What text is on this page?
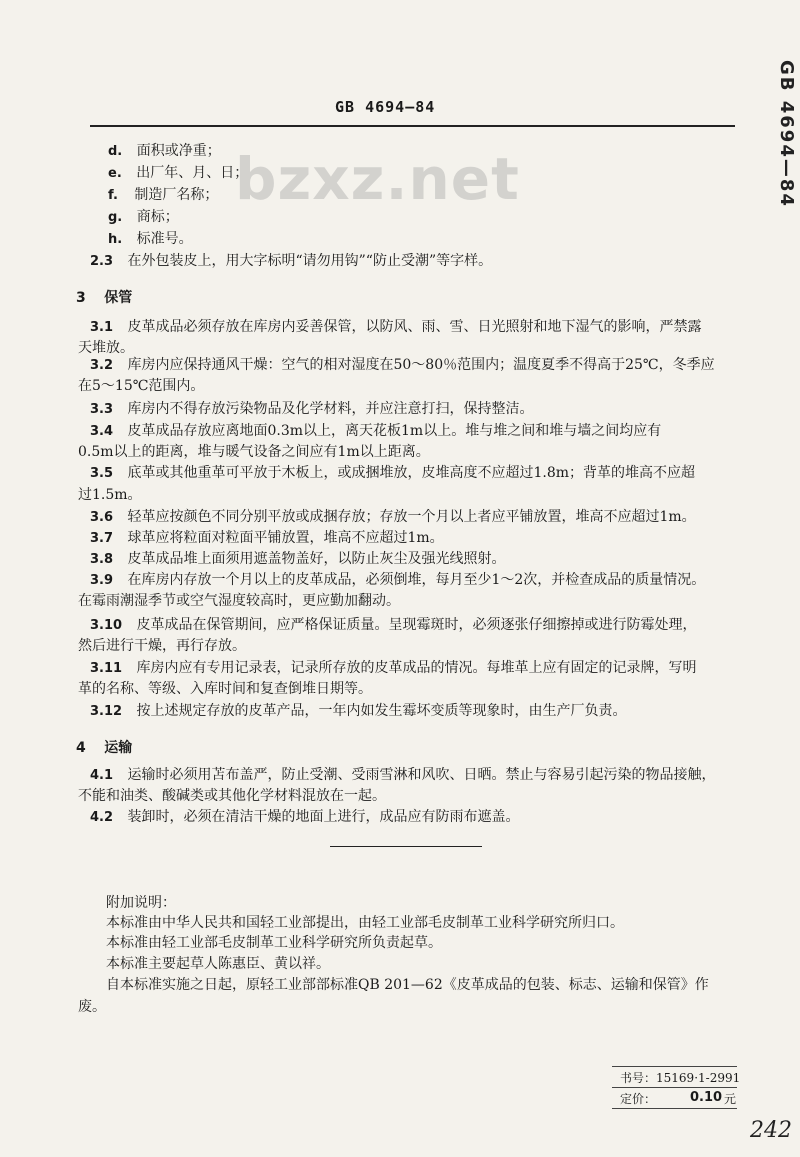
GB 4694—84	GB 4694—84
bzxz.net
d. 面积或净重；
e. 出厂年、月、日；
f. 制造厂名称；
g. 商标；
h. 标准号。
2.3 在外包装皮上，用大字标明“请勿用钩”“防止受潮”等字样。
3 保管
3.1 皮革成品必须存放在库房内妥善保管，以防风、雨、雪、日光照射和地下湿气的影响，严禁露
天堆放。
3.2 库房内应保持通风干燥：空气的相对湿度在50～80％范围内；温度夏季不得高于25℃，冬季应
在5～15℃范围内。
3.3 库房内不得存放污染物品及化学材料，并应注意打扫，保持整洁。
3.4 皮革成品存放应离地面0.3m以上，离天花板1m以上。堆与堆之间和堆与墙之间均应有
0.5m以上的距离，堆与暖气设备之间应有1m以上距离。
3.5 底革或其他重革可平放于木板上，或成捆堆放，皮堆高度不应超过1.8m；背革的堆高不应超
过1.5m。
3.6 轻革应按颜色不同分别平放或成捆存放；存放一个月以上者应平铺放置，堆高不应超过1m。
3.7 球革应将粒面对粒面平铺放置，堆高不应超过1m。
3.8 皮革成品堆上面须用遮盖物盖好，以防止灰尘及强光线照射。
3.9 在库房内存放一个月以上的皮革成品，必须倒堆，每月至少1～2次，并检查成品的质量情况。
在霉雨潮湿季节或空气湿度较高时，更应勤加翻动。
3.10 皮革成品在保管期间，应严格保证质量。呈现霉斑时，必须逐张仔细擦掉或进行防霉处理，
然后进行干燥，再行存放。
3.11 库房内应有专用记录表，记录所存放的皮革成品的情况。每堆革上应有固定的记录牌，写明
革的名称、等级、入库时间和复查倒堆日期等。
3.12 按上述规定存放的皮革产品，一年内如发生霉坏变质等现象时，由生产厂负责。
4 运输
4.1 运输时必须用苫布盖严，防止受潮、受雨雪淋和风吹、日晒。禁止与容易引起污染的物品接触，
不能和油类、酸碱类或其他化学材料混放在一起。
4.2 装卸时，必须在清洁干燥的地面上进行，成品应有防雨布遮盖。
附加说明：
本标准由中华人民共和国轻工业部提出，由轻工业部毛皮制革工业科学研究所归口。
本标准由轻工业部毛皮制革工业科学研究所负责起草。
本标准主要起草人陈惠臣、黄以祥。
自本标准实施之日起，原轻工业部部标准QB 201—62《皮革成品的包装、标志、运输和保管》作
废。
书号：15169·1-2991
定价：	0.10 元
242
